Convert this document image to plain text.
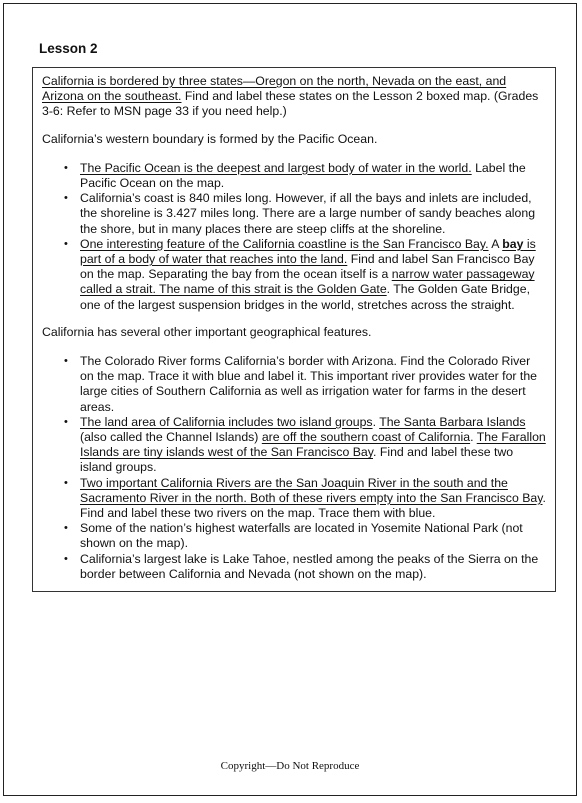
Lesson 2

California is bordered by three states—Oregon on the north, Nevada on the east, and Arizona on the southeast. Find and label these states on the Lesson 2 boxed map. (Grades 3-6: Refer to MSN page 33 if you need help.)

California’s western boundary is formed by the Pacific Ocean.

• The Pacific Ocean is the deepest and largest body of water in the world. Label the Pacific Ocean on the map.
• California’s coast is 840 miles long. However, if all the bays and inlets are included, the shoreline is 3.427 miles long. There are a large number of sandy beaches along the shore, but in many places there are steep cliffs at the shoreline.
• One interesting feature of the California coastline is the San Francisco Bay. A bay is part of a body of water that reaches into the land. Find and label San Francisco Bay on the map. Separating the bay from the ocean itself is a narrow water passageway called a strait. The name of this strait is the Golden Gate. The Golden Gate Bridge, one of the largest suspension bridges in the world, stretches across the straight.

California has several other important geographical features.

• The Colorado River forms California’s border with Arizona. Find the Colorado River on the map. Trace it with blue and label it. This important river provides water for the large cities of Southern California as well as irrigation water for farms in the desert areas.
• The land area of California includes two island groups. The Santa Barbara Islands (also called the Channel Islands) are off the southern coast of California. The Farallon Islands are tiny islands west of the San Francisco Bay. Find and label these two island groups.
• Two important California Rivers are the San Joaquin River in the south and the Sacramento River in the north. Both of these rivers empty into the San Francisco Bay. Find and label these two rivers on the map. Trace them with blue.
• Some of the nation’s highest waterfalls are located in Yosemite National Park (not shown on the map).
• California’s largest lake is Lake Tahoe, nestled among the peaks of the Sierra on the border between California and Nevada (not shown on the map).
Copyright—Do Not Reproduce
